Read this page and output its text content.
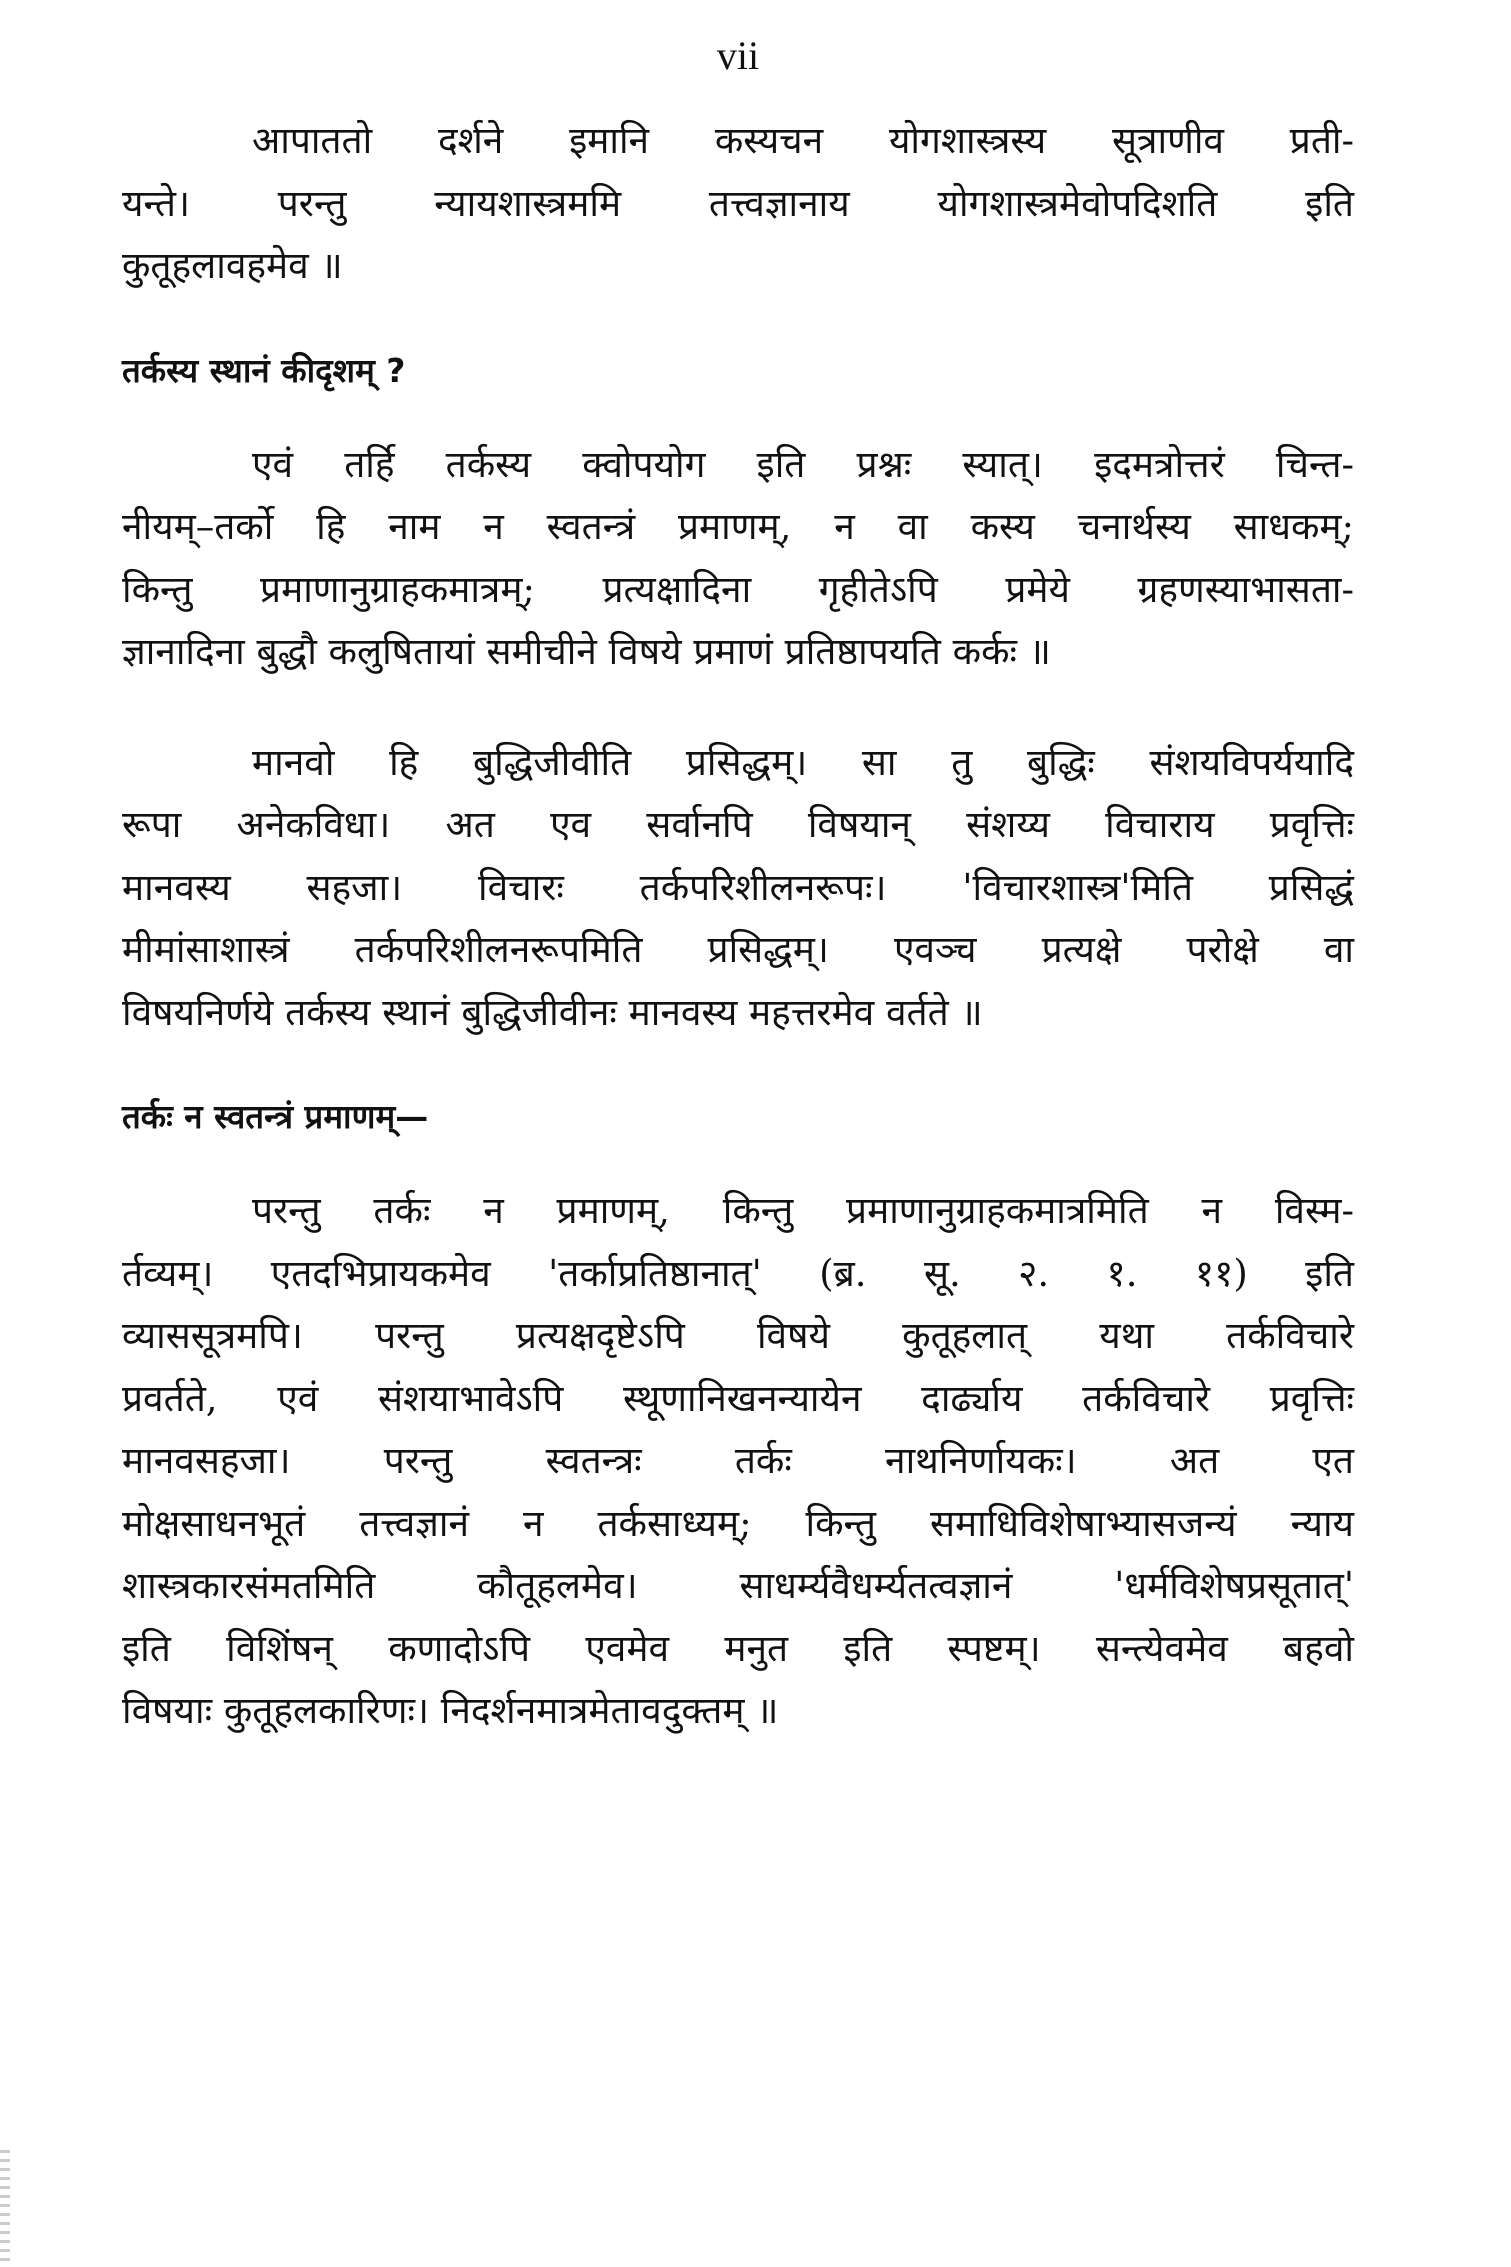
vii
आपाततो दर्शने इमानि कस्यचन योगशास्त्रस्य सूत्राणीव प्रती-
यन्ते। परन्तु न्यायशास्त्रममि तत्त्वज्ञानाय योगशास्त्रमेवोपदिशति इति
कुतूहलावहमेव ॥
तर्कस्य स्थानं कीदृशम् ?
एवं तर्हि तर्कस्य क्वोपयोग इति प्रश्नः स्यात्। इदमत्रोत्तरं चिन्त-
नीयम्–तर्को हि नाम न स्वतन्त्रं प्रमाणम्, न वा कस्य चनार्थस्य साधकम्;
किन्तु प्रमाणानुग्राहकमात्रम्; प्रत्यक्षादिना गृहीतेऽपि प्रमेये ग्रहणस्याभासता-
ज्ञानादिना बुद्धौ कलुषितायां समीचीने विषये प्रमाणं प्रतिष्ठापयति कर्कः ॥
मानवो हि बुद्धिजीवीति प्रसिद्धम्। सा तु बुद्धिः संशयविपर्ययादि
रूपा अनेकविधा। अत एव सर्वानपि विषयान् संशय्य विचाराय प्रवृत्तिः
मानवस्य सहजा। विचारः तर्कपरिशीलनरूपः। 'विचारशास्त्र'मिति प्रसिद्धं
मीमांसाशास्त्रं तर्कपरिशीलनरूपमिति प्रसिद्धम्। एवञ्च प्रत्यक्षे परोक्षे वा
विषयनिर्णये तर्कस्य स्थानं बुद्धिजीवीनः मानवस्य महत्तरमेव वर्तते ॥
तर्कः न स्वतन्त्रं प्रमाणम्—
परन्तु तर्कः न प्रमाणम्, किन्तु प्रमाणानुग्राहकमात्रमिति न विस्म-
र्तव्यम्। एतदभिप्रायकमेव 'तर्काप्रतिष्ठानात्' (ब्र. सू. २. १. ११) इति
व्याससूत्रमपि। परन्तु प्रत्यक्षदृष्टेऽपि विषये कुतूहलात् यथा तर्कविचारे
प्रवर्तते, एवं संशयाभावेऽपि स्थूणानिखनन्यायेन दार्ढ्याय तर्कविचारे प्रवृत्तिः
मानवसहजा। परन्तु स्वतन्त्रः तर्कः नाथनिर्णायकः। अत एत
मोक्षसाधनभूतं तत्त्वज्ञानं न तर्कसाध्यम्; किन्तु समाधिविशेषाभ्यासजन्यं न्याय
शास्त्रकारसंमतमिति कौतूहलमेव। साधर्म्यवैधर्म्यतत्वज्ञानं 'धर्मविशेषप्रसूतात्'
इति विशिंषन् कणादोऽपि एवमेव मनुत इति स्पष्टम्। सन्त्येवमेव बहवो
विषयाः कुतूहलकारिणः। निदर्शनमात्रमेतावदुक्तम् ॥
